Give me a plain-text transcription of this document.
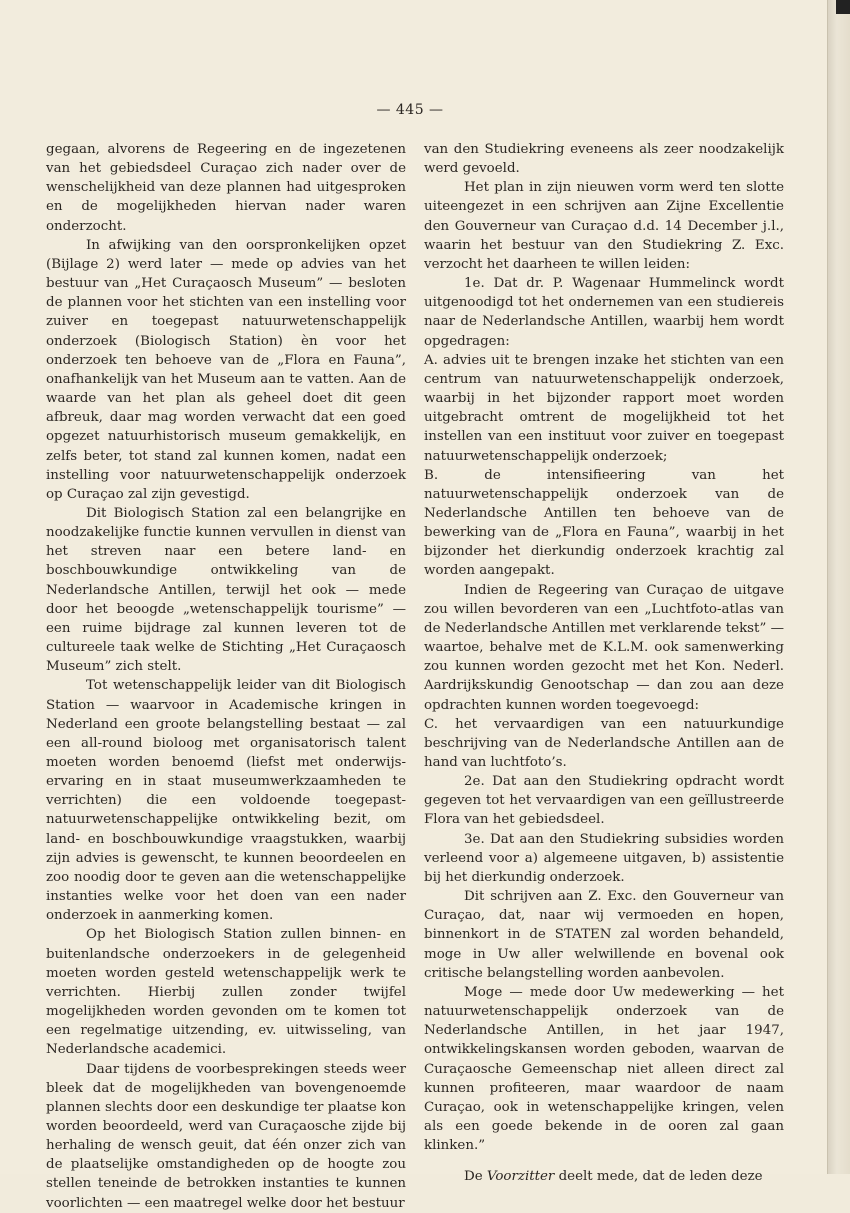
— 445 —

gegaan, alvorens de Regeering en de ingezetenen van het gebiedsdeel Curaçao zich nader over de wenschelijkheid van deze plannen had uitgesproken en de mogelijkheden hiervan nader waren onderzocht.

In afwijking van den oorspronkelijken opzet (Bijlage 2) werd later — mede op advies van het bestuur van „Het Curaçaosch Museum” — besloten de plannen voor het stichten van een instelling voor zuiver en toegepast natuurwetenschappelijk onderzoek (Biologisch Station) èn voor het onderzoek ten behoeve van de „Flora en Fauna”, onafhankelijk van het Museum aan te vatten. Aan de waarde van het plan als geheel doet dit geen afbreuk, daar mag worden verwacht dat een goed opgezet natuurhistorisch museum gemakkelijk, en zelfs beter, tot stand zal kunnen komen, nadat een instelling voor natuurwetenschappelijk onderzoek op Curaçao zal zijn gevestigd.

Dit Biologisch Station zal een belangrijke en noodzakelijke functie kunnen vervullen in dienst van het streven naar een betere land- en boschbouwkundige ontwikkeling van de Nederlandsche Antillen, terwijl het ook — mede door het beoogde „wetenschappelijk tourisme” — een ruime bijdrage zal kunnen leveren tot de cultureele taak welke de Stichting „Het Curaçaosch Museum” zich stelt.

Tot wetenschappelijk leider van dit Biologisch Station — waarvoor in Academische kringen in Nederland een groote belangstelling bestaat — zal een all-round bioloog met organisatorisch talent moeten worden benoemd (liefst met onderwijs-ervaring en in staat museumwerkzaamheden te verrichten) die een voldoende toegepast-natuurwetenschappelijke ontwikkeling bezit, om land- en boschbouwkundige vraagstukken, waarbij zijn advies is gewenscht, te kunnen beoordeelen en zoo noodig door te geven aan die wetenschappelijke instanties welke voor het doen van een nader onderzoek in aanmerking komen.

Op het Biologisch Station zullen binnen- en buitenlandsche onderzoekers in de gelegenheid moeten worden gesteld wetenschappelijk werk te verrichten. Hierbij zullen zonder twijfel mogelijkheden worden gevonden om te komen tot een regelmatige uitzending, ev. uitwisseling, van Nederlandsche academici.

Daar tijdens de voorbesprekingen steeds weer bleek dat de mogelijkheden van bovengenoemde plannen slechts door een deskundige ter plaatse kon worden beoordeeld, werd van Curaçaosche zijde bij herhaling de wensch geuit, dat één onzer zich van de plaatselijke omstandigheden op de hoogte zou stellen teneinde de betrokken instanties te kunnen voorlichten — een maatregel welke door het bestuur

van den Studiekring eveneens als zeer noodzakelijk werd gevoeld.

Het plan in zijn nieuwen vorm werd ten slotte uiteengezet in een schrijven aan Zijne Excellentie den Gouverneur van Curaçao d.d. 14 December j.l., waarin het bestuur van den Studiekring Z. Exc. verzocht het daarheen te willen leiden:

1e. Dat dr. P. Wagenaar Hummelinck wordt uitgenoodigd tot het ondernemen van een studiereis naar de Nederlandsche Antillen, waarbij hem wordt opgedragen:

A. advies uit te brengen inzake het stichten van een centrum van natuurwetenschappelijk onderzoek, waarbij in het bijzonder rapport moet worden uitgebracht omtrent de mogelijkheid tot het instellen van een instituut voor zuiver en toegepast natuurwetenschappelijk onderzoek;

B. de intensifieering van het natuurwetenschappelijk onderzoek van de Nederlandsche Antillen ten behoeve van de bewerking van de „Flora en Fauna”, waarbij in het bijzonder het dierkundig onderzoek krachtig zal worden aangepakt.

Indien de Regeering van Curaçao de uitgave zou willen bevorderen van een „Luchtfoto-atlas van de Nederlandsche Antillen met verklarende tekst” — waartoe, behalve met de K.L.M. ook samenwerking zou kunnen worden gezocht met het Kon. Nederl. Aardrijkskundig Genootschap — dan zou aan deze opdrachten kunnen worden toegevoegd:

C. het vervaardigen van een natuurkundige beschrijving van de Nederlandsche Antillen aan de hand van luchtfoto’s.

2e. Dat aan den Studiekring opdracht wordt gegeven tot het vervaardigen van een geïllustreerde Flora van het gebiedsdeel.

3e. Dat aan den Studiekring subsidies worden verleend voor a) algemeene uitgaven, b) assistentie bij het dierkundig onderzoek.

Dit schrijven aan Z. Exc. den Gouverneur van Curaçao, dat, naar wij vermoeden en hopen, binnenkort in de STATEN zal worden behandeld, moge in Uw aller welwillende en bovenal ook critische belangstelling worden aanbevolen.

Moge — mede door Uw medewerking — het natuurwetenschappelijk onderzoek van de Nederlandsche Antillen, in het jaar 1947, ontwikkelingskansen worden geboden, waarvan de Curaçaosche Gemeenschap niet alleen direct zal kunnen profiteeren, maar waardoor de naam Curaçao, ook in wetenschappelijke kringen, velen als een goede bekende in de ooren zal gaan klinken.”

De Voorzitter deelt mede, dat de leden deze
